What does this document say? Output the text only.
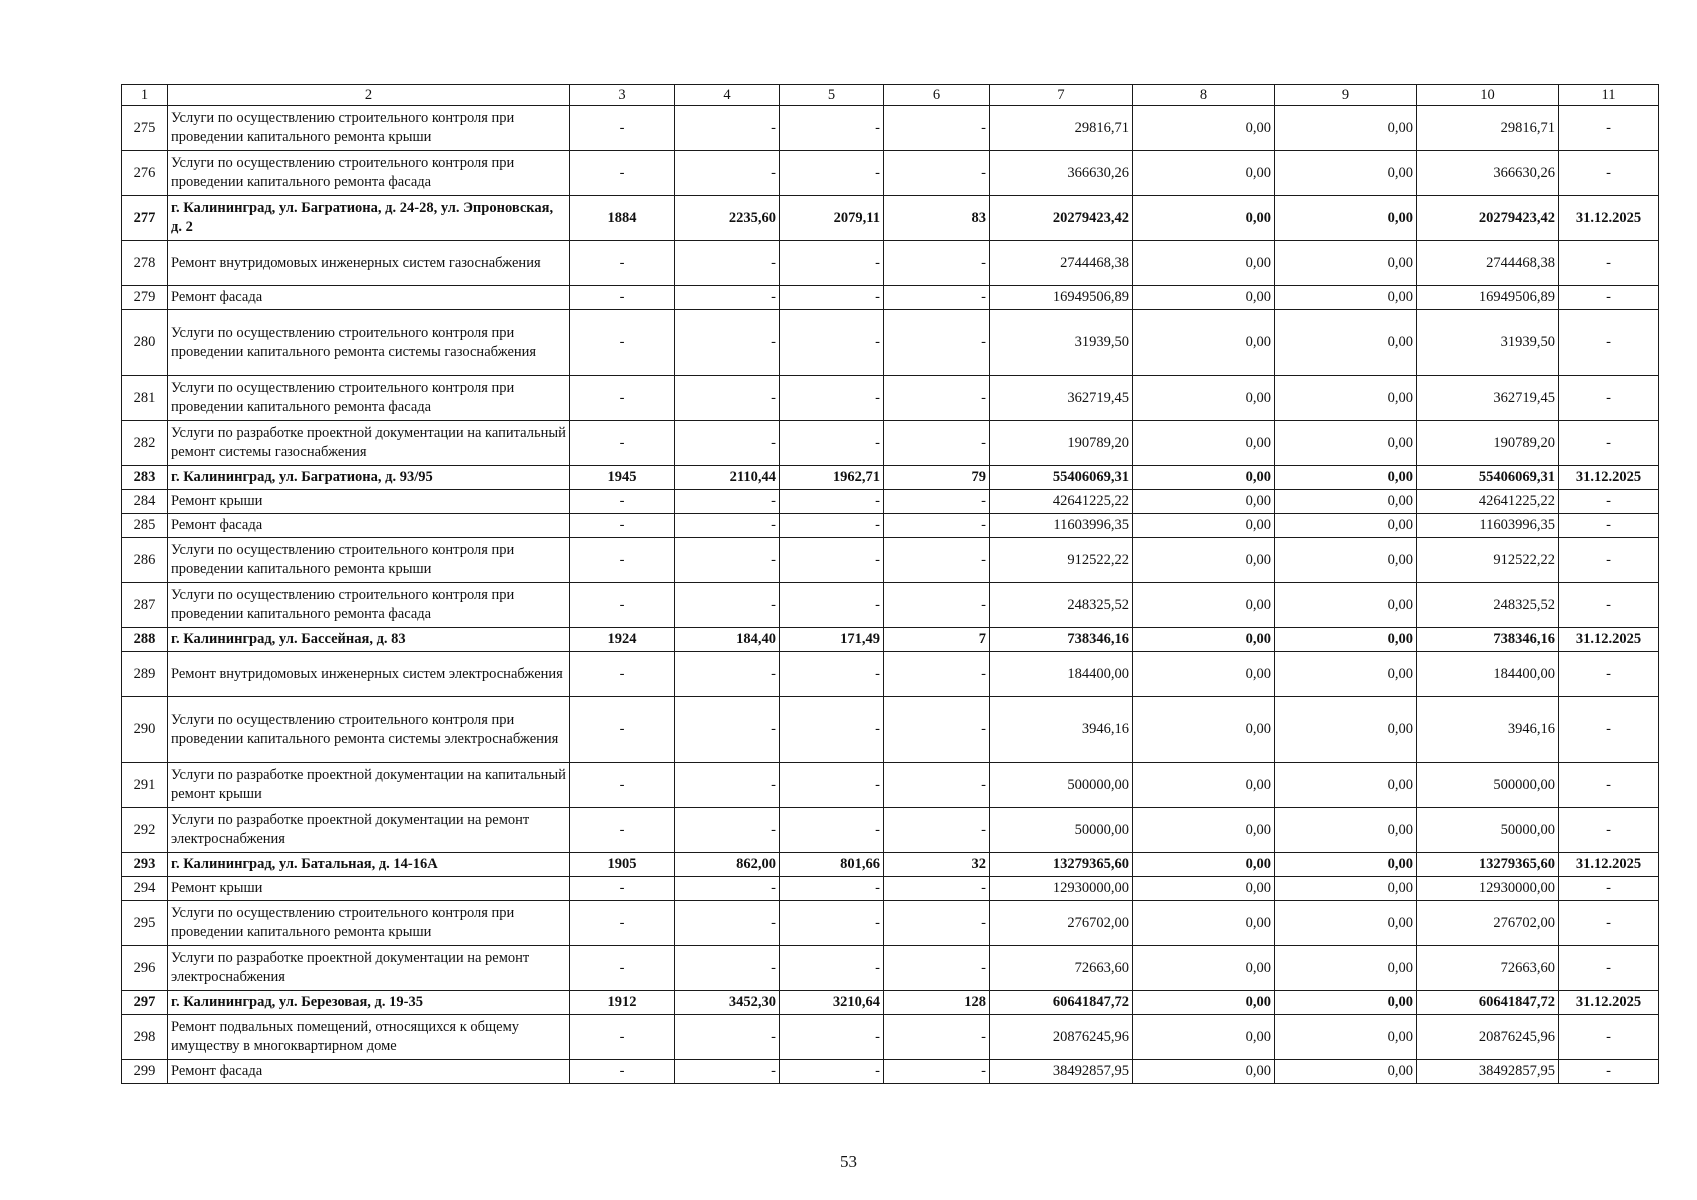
1	2	3	4	5	6	7	8	9	10	11
275	Услуги по осуществлению строительного контроля при проведении капитального ремонта крыши	-	-	-	-	29816,71	0,00	0,00	29816,71	-
276	Услуги по осуществлению строительного контроля при проведении капитального ремонта фасада	-	-	-	-	366630,26	0,00	0,00	366630,26	-
277	г. Калининград, ул. Багратиона, д. 24-28, ул. Эпроновская, д. 2	1884	2235,60	2079,11	83	20279423,42	0,00	0,00	20279423,42	31.12.2025
278	Ремонт внутридомовых инженерных систем газоснабжения	-	-	-	-	2744468,38	0,00	0,00	2744468,38	-
279	Ремонт фасада	-	-	-	-	16949506,89	0,00	0,00	16949506,89	-
280	Услуги по осуществлению строительного контроля при проведении капитального ремонта системы газоснабжения	-	-	-	-	31939,50	0,00	0,00	31939,50	-
281	Услуги по осуществлению строительного контроля при проведении капитального ремонта фасада	-	-	-	-	362719,45	0,00	0,00	362719,45	-
282	Услуги по разработке проектной документации на капитальный ремонт системы газоснабжения	-	-	-	-	190789,20	0,00	0,00	190789,20	-
283	г. Калининград, ул. Багратиона, д. 93/95	1945	2110,44	1962,71	79	55406069,31	0,00	0,00	55406069,31	31.12.2025
284	Ремонт крыши	-	-	-	-	42641225,22	0,00	0,00	42641225,22	-
285	Ремонт фасада	-	-	-	-	11603996,35	0,00	0,00	11603996,35	-
286	Услуги по осуществлению строительного контроля при проведении капитального ремонта крыши	-	-	-	-	912522,22	0,00	0,00	912522,22	-
287	Услуги по осуществлению строительного контроля при проведении капитального ремонта фасада	-	-	-	-	248325,52	0,00	0,00	248325,52	-
288	г. Калининград, ул. Бассейная, д. 83	1924	184,40	171,49	7	738346,16	0,00	0,00	738346,16	31.12.2025
289	Ремонт внутридомовых инженерных систем электроснабжения	-	-	-	-	184400,00	0,00	0,00	184400,00	-
290	Услуги по осуществлению строительного контроля при проведении капитального ремонта системы электроснабжения	-	-	-	-	3946,16	0,00	0,00	3946,16	-
291	Услуги по разработке проектной документации на капитальный ремонт крыши	-	-	-	-	500000,00	0,00	0,00	500000,00	-
292	Услуги по разработке проектной документации на ремонт электроснабжения	-	-	-	-	50000,00	0,00	0,00	50000,00	-
293	г. Калининград, ул. Батальная, д. 14-16А	1905	862,00	801,66	32	13279365,60	0,00	0,00	13279365,60	31.12.2025
294	Ремонт крыши	-	-	-	-	12930000,00	0,00	0,00	12930000,00	-
295	Услуги по осуществлению строительного контроля при проведении капитального ремонта крыши	-	-	-	-	276702,00	0,00	0,00	276702,00	-
296	Услуги по разработке проектной документации на ремонт электроснабжения	-	-	-	-	72663,60	0,00	0,00	72663,60	-
297	г. Калининград, ул. Березовая, д. 19-35	1912	3452,30	3210,64	128	60641847,72	0,00	0,00	60641847,72	31.12.2025
298	Ремонт подвальных помещений, относящихся к общему имуществу в многоквартирном доме	-	-	-	-	20876245,96	0,00	0,00	20876245,96	-
299	Ремонт фасада	-	-	-	-	38492857,95	0,00	0,00	38492857,95	-
53
